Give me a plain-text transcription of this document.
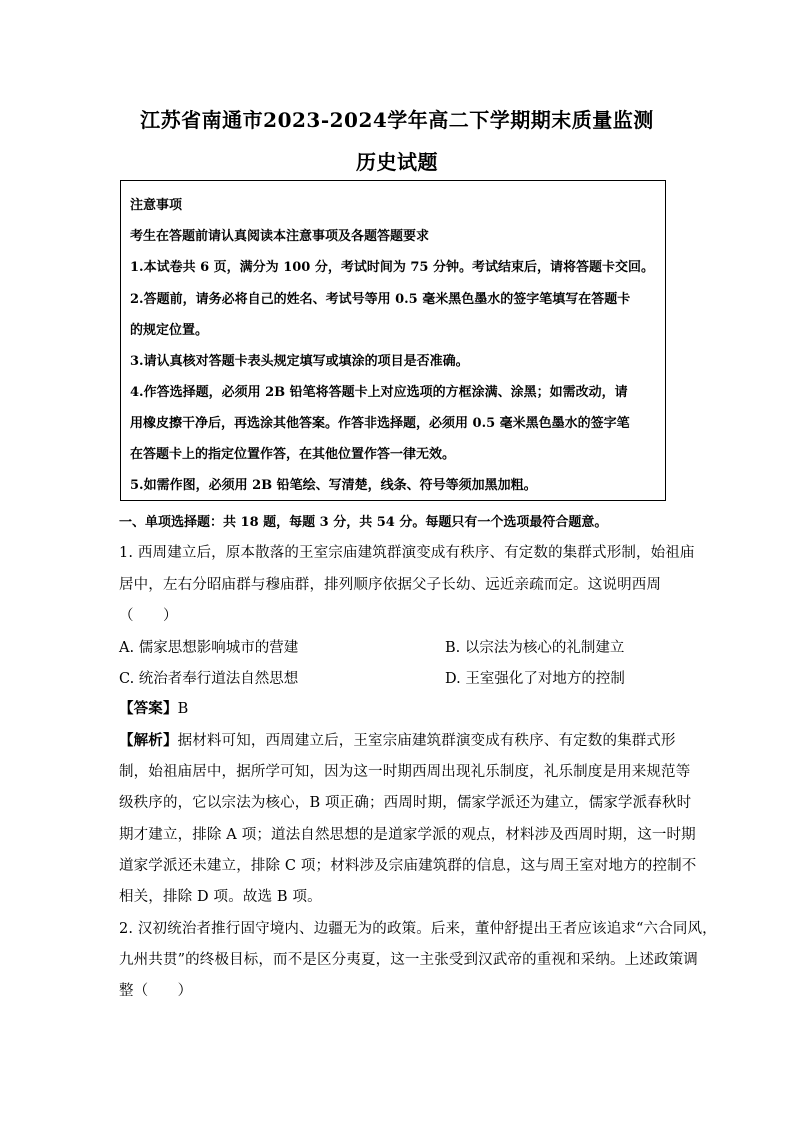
江苏省南通市2023-2024学年高二下学期期末质量监测
历史试题
注意事项
考生在答题前请认真阅读本注意事项及各题答题要求
1.本试卷共 6 页，满分为 100 分，考试时间为 75 分钟。考试结束后，请将答题卡交回。
2.答题前，请务必将自己的姓名、考试号等用 0.5 毫米黑色墨水的签字笔填写在答题卡
的规定位置。
3.请认真核对答题卡表头规定填写或填涂的项目是否准确。
4.作答选择题，必须用 2B 铅笔将答题卡上对应选项的方框涂满、涂黑；如需改动，请
用橡皮擦干净后，再选涂其他答案。作答非选择题，必须用 0.5 毫米黑色墨水的签字笔
在答题卡上的指定位置作答，在其他位置作答一律无效。
5.如需作图，必须用 2B 铅笔绘、写清楚，线条、符号等须加黑加粗。
一、单项选择题：共 18 题，每题 3 分，共 54 分。每题只有一个选项最符合题意。
1. 西周建立后，原本散落的王室宗庙建筑群演变成有秩序、有定数的集群式形制，始祖庙
居中，左右分昭庙群与穆庙群，排列顺序依据父子长幼、远近亲疏而定。这说明西周
（　　）
A. 儒家思想影响城市的营建	B. 以宗法为核心的礼制建立
C. 统治者奉行道法自然思想	D. 王室强化了对地方的控制
【答案】B
【解析】据材料可知，西周建立后，王室宗庙建筑群演变成有秩序、有定数的集群式形
制，始祖庙居中，据所学可知，因为这一时期西周出现礼乐制度，礼乐制度是用来规范等
级秩序的，它以宗法为核心，B 项正确；西周时期，儒家学派还为建立，儒家学派春秋时
期才建立，排除 A 项；道法自然思想的是道家学派的观点，材料涉及西周时期，这一时期
道家学派还未建立，排除 C 项；材料涉及宗庙建筑群的信息，这与周王室对地方的控制不
相关，排除 D 项。故选 B 项。
2. 汉初统治者推行固守境内、边疆无为的政策。后来，董仲舒提出王者应该追求“六合同风，
九州共贯”的终极目标，而不是区分夷夏，这一主张受到汉武帝的重视和采纳。上述政策调
整（　　）
